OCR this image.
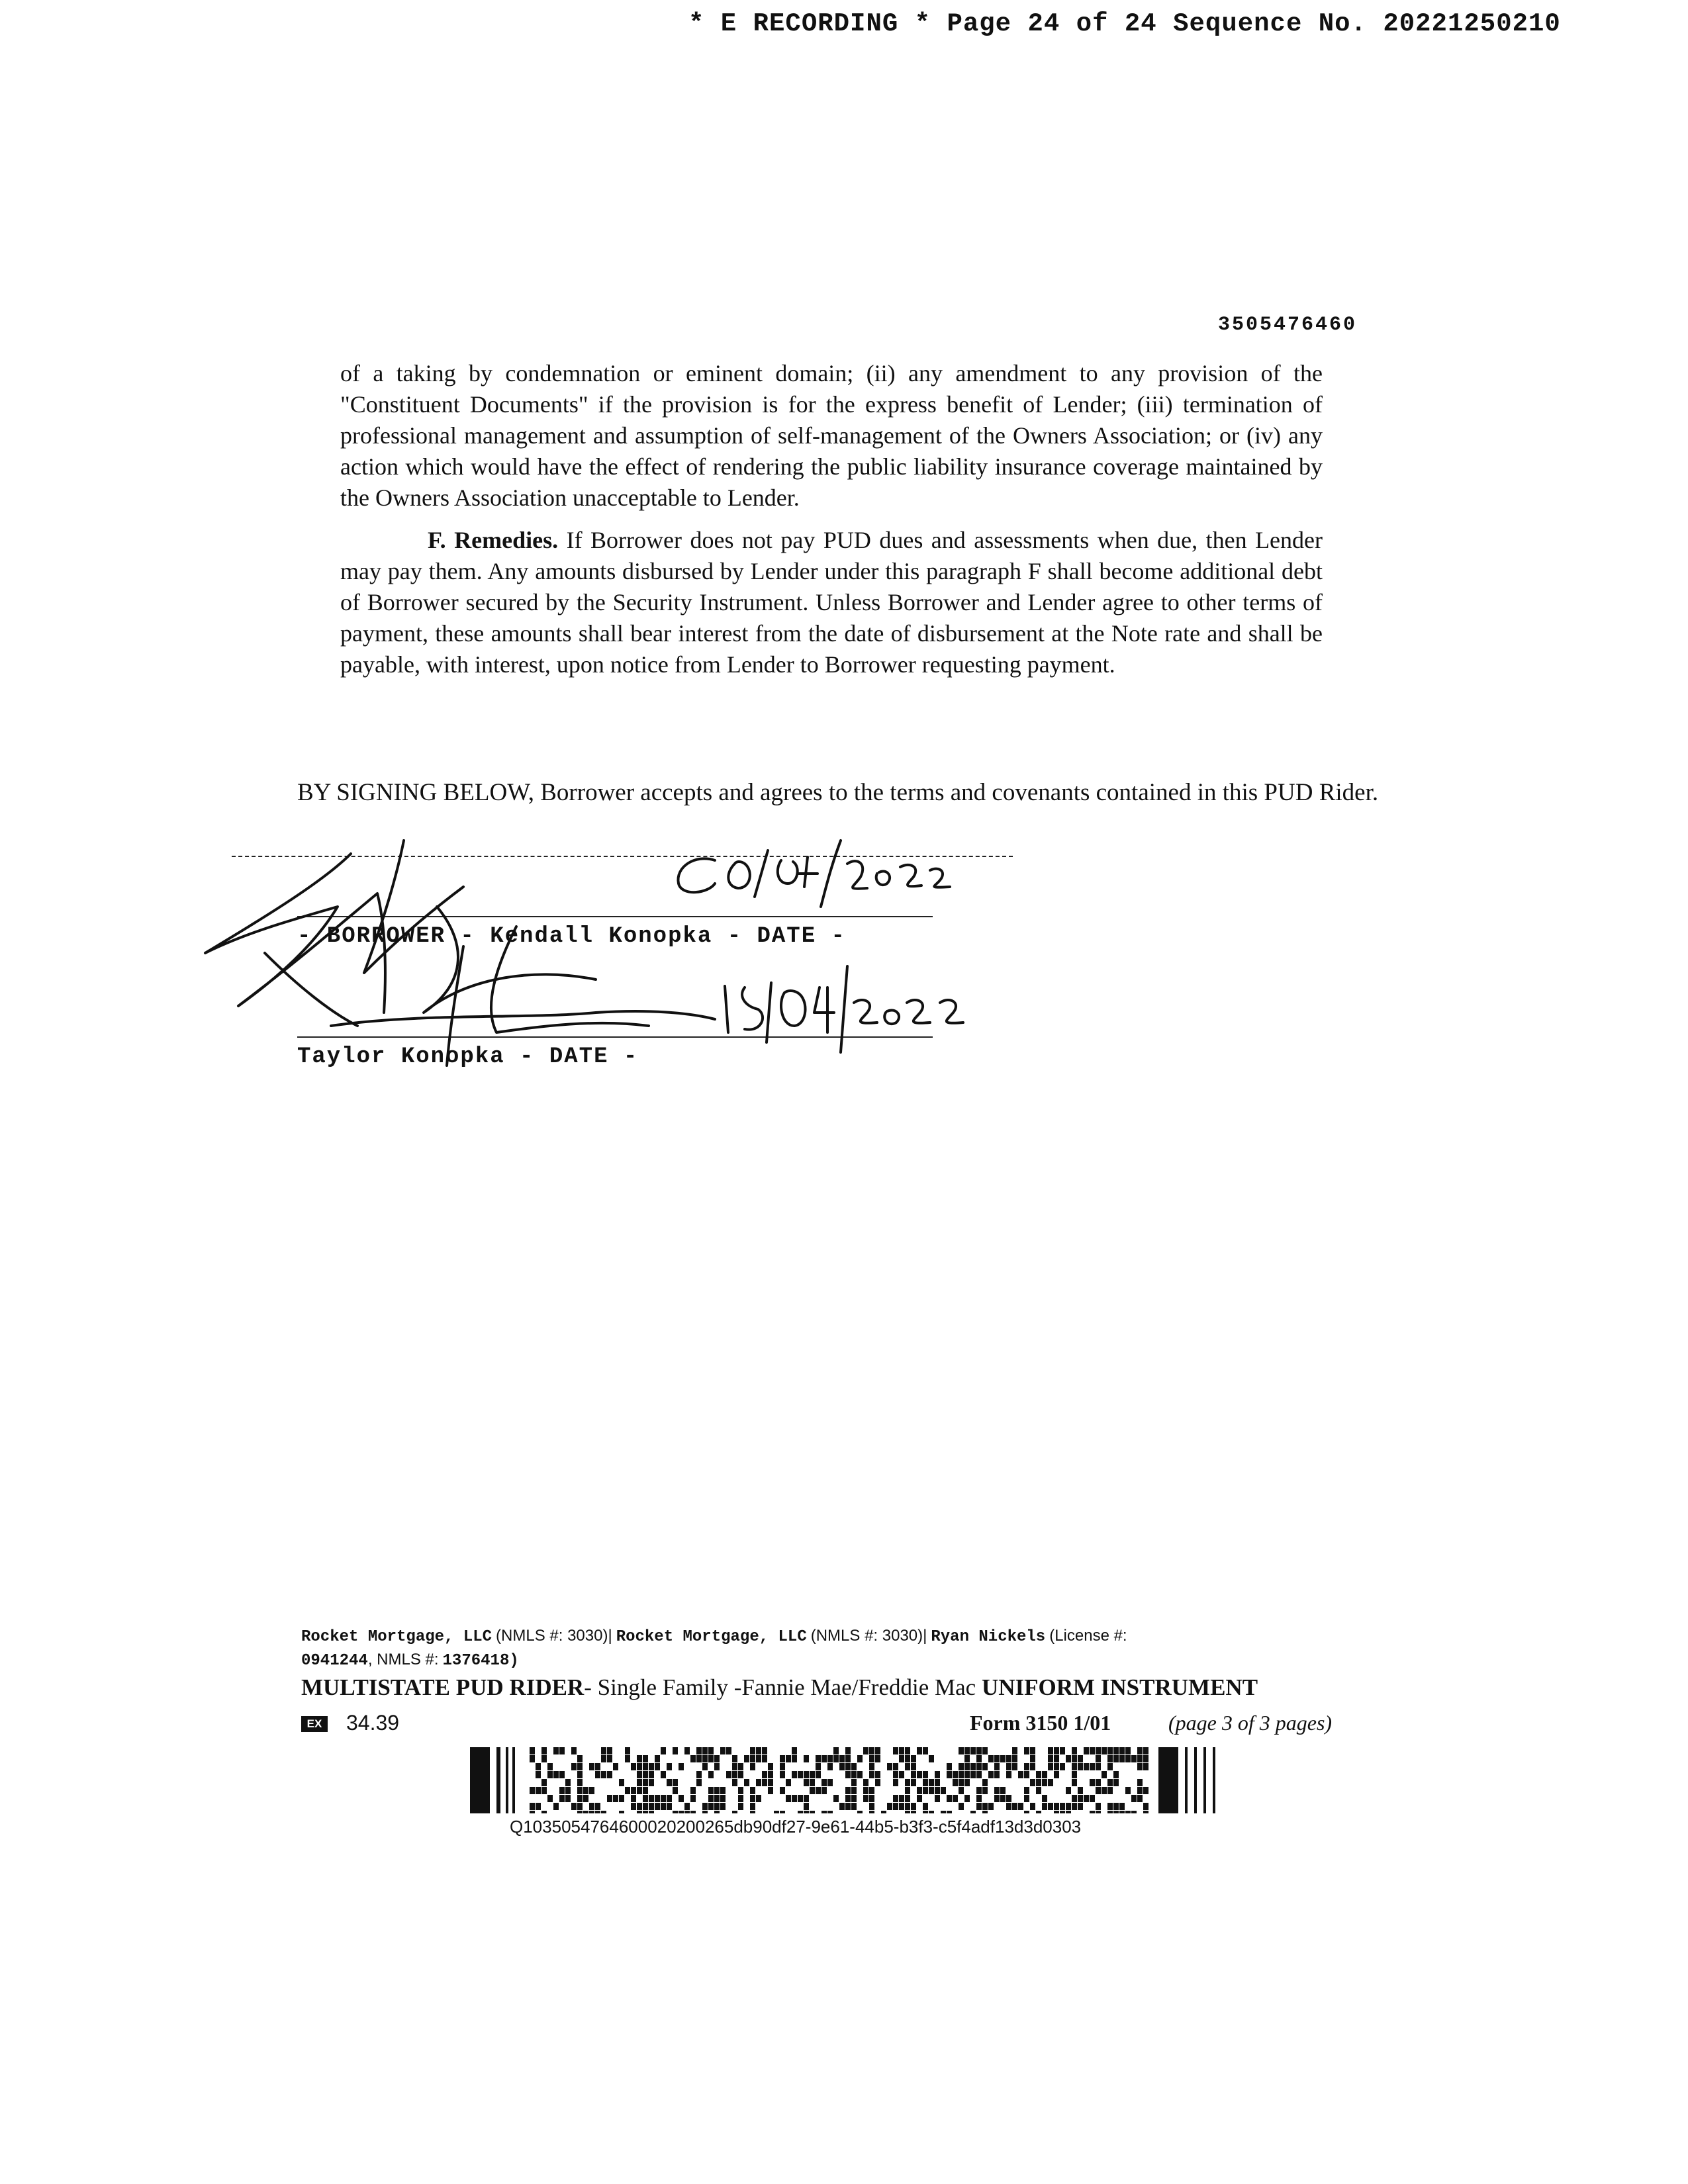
* E RECORDING * Page 24 of 24 Sequence No. 20221250210
3505476460
of a taking by condemnation or eminent domain; (ii) any amendment to any provision of the "Constituent Documents" if the provision is for the express benefit of Lender; (iii) termination of professional management and assumption of self-management of the Owners Association; or (iv) any action which would have the effect of rendering the public liability insurance coverage maintained by the Owners Association unacceptable to Lender.
F. Remedies. If Borrower does not pay PUD dues and assessments when due, then Lender may pay them. Any amounts disbursed by Lender under this paragraph F shall become additional debt of Borrower secured by the Security Instrument. Unless Borrower and Lender agree to other terms of payment, these amounts shall bear interest from the date of disbursement at the Note rate and shall be payable, with interest, upon notice from Lender to Borrower requesting payment.
BY SIGNING BELOW, Borrower accepts and agrees to the terms and covenants contained in this PUD Rider.
- BORROWER - Kendall Konopka - DATE -
Taylor Konopka - DATE -
Rocket Mortgage, LLC (NMLS #: 3030)| Rocket Mortgage, LLC (NMLS #: 3030)| Ryan Nickels (License #:
0941244, NMLS #: 1376418)
MULTISTATE PUD RIDER- Single Family -Fannie Mae/Freddie Mac UNIFORM INSTRUMENT
EX 34.39	Form 3150 1/01	(page 3 of 3 pages)
Q1035054764600020200265db90df27-9e61-44b5-b3f3-c5f4adf13d3d0303
